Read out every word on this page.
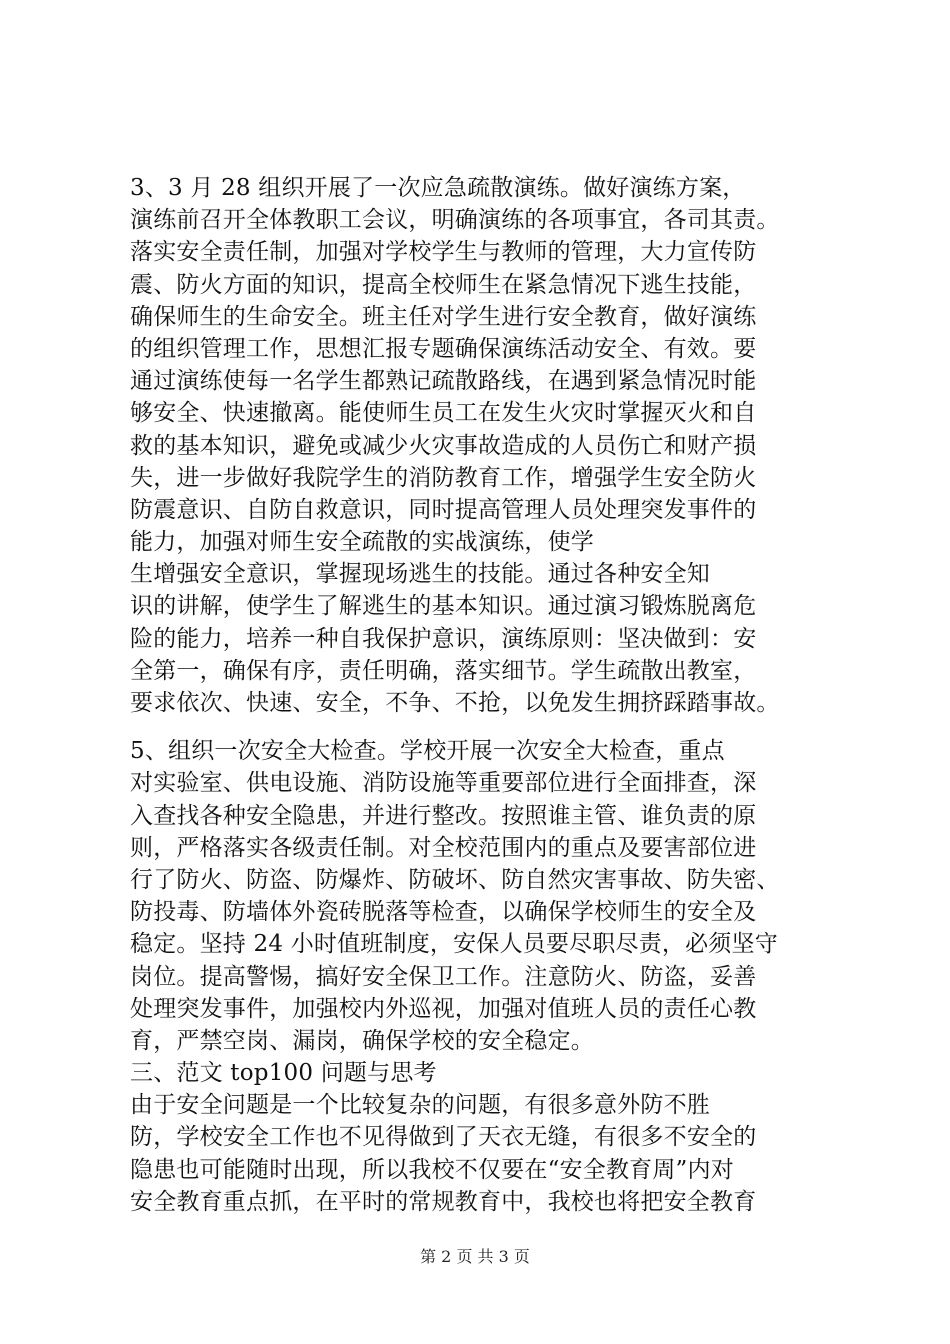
3、3 月 28 组织开展了一次应急疏散演练。做好演练方案，
演练前召开全体教职工会议，明确演练的各项事宜，各司其责。
落实安全责任制，加强对学校学生与教师的管理，大力宣传防
震、防火方面的知识，提高全校师生在紧急情况下逃生技能，
确保师生的生命安全。班主任对学生进行安全教育，做好演练
的组织管理工作，思想汇报专题确保演练活动安全、有效。要
通过演练使每一名学生都熟记疏散路线，在遇到紧急情况时能
够安全、快速撤离。能使师生员工在发生火灾时掌握灭火和自
救的基本知识，避免或减少火灾事故造成的人员伤亡和财产损
失，进一步做好我院学生的消防教育工作，增强学生安全防火
防震意识、自防自救意识，同时提高管理人员处理突发事件的
能力，加强对师生安全疏散的实战演练，使学
生增强安全意识，掌握现场逃生的技能。通过各种安全知
识的讲解，使学生了解逃生的基本知识。通过演习锻炼脱离危
险的能力，培养一种自我保护意识，演练原则：坚决做到：安
全第一，确保有序，责任明确，落实细节。学生疏散出教室，
要求依次、快速、安全，不争、不抢，以免发生拥挤踩踏事故。
5、组织一次安全大检查。学校开展一次安全大检查，重点
对实验室、供电设施、消防设施等重要部位进行全面排查，深
入查找各种安全隐患，并进行整改。按照谁主管、谁负责的原
则，严格落实各级责任制。对全校范围内的重点及要害部位进
行了防火、防盗、防爆炸、防破坏、防自然灾害事故、防失密、
防投毒、防墙体外瓷砖脱落等检查，以确保学校师生的安全及
稳定。坚持 24 小时值班制度，安保人员要尽职尽责，必须坚守
岗位。提高警惕，搞好安全保卫工作。注意防火、防盗，妥善
处理突发事件，加强校内外巡视，加强对值班人员的责任心教
育，严禁空岗、漏岗，确保学校的安全稳定。
三、范文 top100 问题与思考
由于安全问题是一个比较复杂的问题，有很多意外防不胜
防，学校安全工作也不见得做到了天衣无缝，有很多不安全的
隐患也可能随时出现，所以我校不仅要在“安全教育周”内对
安全教育重点抓，在平时的常规教育中，我校也将把安全教育
第 2 页 共 3 页
